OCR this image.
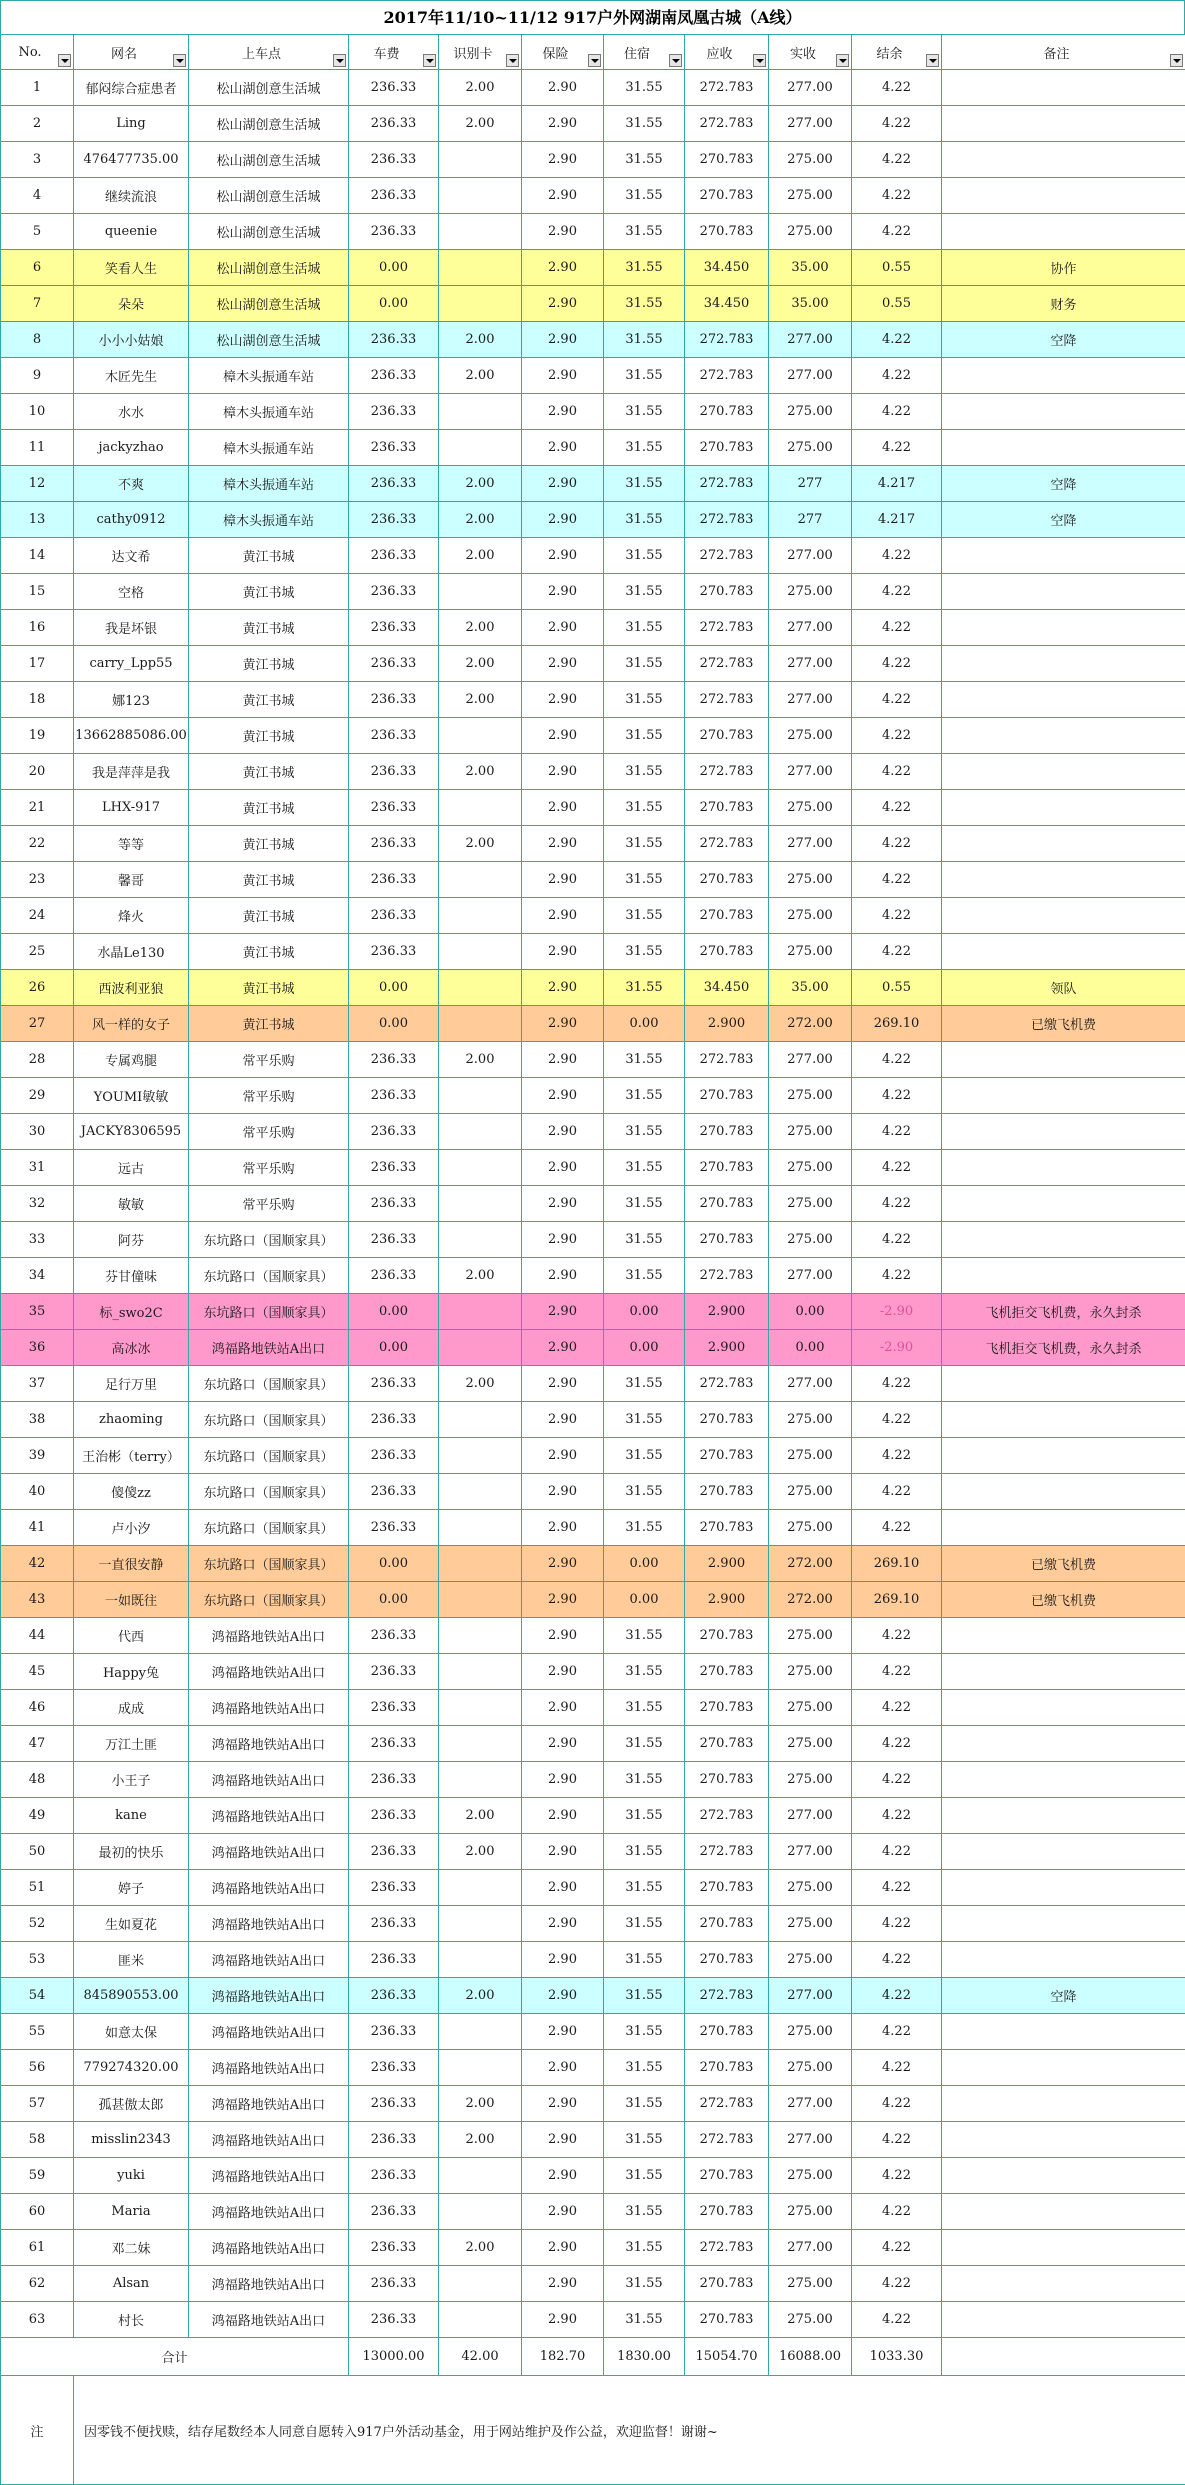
2017年11/10~11/12 917户外网湖南凤凰古城（A线）
No.	网名	上车点	车费	识别卡	保险	住宿	应收	实收	结余	备注

1	郁闷综合症患者	松山湖创意生活城	236.33	2.00	2.90	31.55	272.783	277.00	4.22	
2	Ling	松山湖创意生活城	236.33	2.00	2.90	31.55	272.783	277.00	4.22	
3	476477735.00	松山湖创意生活城	236.33		2.90	31.55	270.783	275.00	4.22	
4	继续流浪	松山湖创意生活城	236.33		2.90	31.55	270.783	275.00	4.22	
5	queenie	松山湖创意生活城	236.33		2.90	31.55	270.783	275.00	4.22	
6	笑看人生	松山湖创意生活城	0.00		2.90	31.55	34.450	35.00	0.55	协作
7	朵朵	松山湖创意生活城	0.00		2.90	31.55	34.450	35.00	0.55	财务
8	小小小姑娘	松山湖创意生活城	236.33	2.00	2.90	31.55	272.783	277.00	4.22	空降
9	木匠先生	樟木头振通车站	236.33	2.00	2.90	31.55	272.783	277.00	4.22	
10	水水	樟木头振通车站	236.33		2.90	31.55	270.783	275.00	4.22	
11	jackyzhao	樟木头振通车站	236.33		2.90	31.55	270.783	275.00	4.22	
12	不爽	樟木头振通车站	236.33	2.00	2.90	31.55	272.783	277	4.217	空降
13	cathy0912	樟木头振通车站	236.33	2.00	2.90	31.55	272.783	277	4.217	空降
14	达文希	黄江书城	236.33	2.00	2.90	31.55	272.783	277.00	4.22	
15	空格	黄江书城	236.33		2.90	31.55	270.783	275.00	4.22	
16	我是坏银	黄江书城	236.33	2.00	2.90	31.55	272.783	277.00	4.22	
17	carry_Lpp55	黄江书城	236.33	2.00	2.90	31.55	272.783	277.00	4.22	
18	娜123	黄江书城	236.33	2.00	2.90	31.55	272.783	277.00	4.22	
19	13662885086.00	黄江书城	236.33		2.90	31.55	270.783	275.00	4.22	
20	我是萍萍是我	黄江书城	236.33	2.00	2.90	31.55	272.783	277.00	4.22	
21	LHX-917	黄江书城	236.33		2.90	31.55	270.783	275.00	4.22	
22	等等	黄江书城	236.33	2.00	2.90	31.55	272.783	277.00	4.22	
23	馨哥	黄江书城	236.33		2.90	31.55	270.783	275.00	4.22	
24	烽火	黄江书城	236.33		2.90	31.55	270.783	275.00	4.22	
25	水晶Le130	黄江书城	236.33		2.90	31.55	270.783	275.00	4.22	
26	西波利亚狼	黄江书城	0.00		2.90	31.55	34.450	35.00	0.55	领队
27	风一样的女子	黄江书城	0.00		2.90	0.00	2.900	272.00	269.10	已缴飞机费
28	专属鸡腿	常平乐购	236.33	2.00	2.90	31.55	272.783	277.00	4.22	
29	YOUMI敏敏	常平乐购	236.33		2.90	31.55	270.783	275.00	4.22	
30	JACKY8306595	常平乐购	236.33		2.90	31.55	270.783	275.00	4.22	
31	远古	常平乐购	236.33		2.90	31.55	270.783	275.00	4.22	
32	敏敏	常平乐购	236.33		2.90	31.55	270.783	275.00	4.22	
33	阿芬	东坑路口（国顺家具）	236.33		2.90	31.55	270.783	275.00	4.22	
34	芬甘僮味	东坑路口（国顺家具）	236.33	2.00	2.90	31.55	272.783	277.00	4.22	
35	标_swo2C	东坑路口（国顺家具）	0.00		2.90	0.00	2.900	0.00	-2.90	飞机拒交飞机费，永久封杀
36	高冰冰	鸿福路地铁站A出口	0.00		2.90	0.00	2.900	0.00	-2.90	飞机拒交飞机费，永久封杀
37	足行万里	东坑路口（国顺家具）	236.33	2.00	2.90	31.55	272.783	277.00	4.22	
38	zhaoming	东坑路口（国顺家具）	236.33		2.90	31.55	270.783	275.00	4.22	
39	王治彬（terry）	东坑路口（国顺家具）	236.33		2.90	31.55	270.783	275.00	4.22	
40	傻傻zz	东坑路口（国顺家具）	236.33		2.90	31.55	270.783	275.00	4.22	
41	卢小汐	东坑路口（国顺家具）	236.33		2.90	31.55	270.783	275.00	4.22	
42	一直很安静	东坑路口（国顺家具）	0.00		2.90	0.00	2.900	272.00	269.10	已缴飞机费
43	一如既往	东坑路口（国顺家具）	0.00		2.90	0.00	2.900	272.00	269.10	已缴飞机费
44	代西	鸿福路地铁站A出口	236.33		2.90	31.55	270.783	275.00	4.22	
45	Happy兔	鸿福路地铁站A出口	236.33		2.90	31.55	270.783	275.00	4.22	
46	成成	鸿福路地铁站A出口	236.33		2.90	31.55	270.783	275.00	4.22	
47	万江土匪	鸿福路地铁站A出口	236.33		2.90	31.55	270.783	275.00	4.22	
48	小王子	鸿福路地铁站A出口	236.33		2.90	31.55	270.783	275.00	4.22	
49	kane	鸿福路地铁站A出口	236.33	2.00	2.90	31.55	272.783	277.00	4.22	
50	最初的快乐	鸿福路地铁站A出口	236.33	2.00	2.90	31.55	272.783	277.00	4.22	
51	婷子	鸿福路地铁站A出口	236.33		2.90	31.55	270.783	275.00	4.22	
52	生如夏花	鸿福路地铁站A出口	236.33		2.90	31.55	270.783	275.00	4.22	
53	匪米	鸿福路地铁站A出口	236.33		2.90	31.55	270.783	275.00	4.22	
54	845890553.00	鸿福路地铁站A出口	236.33	2.00	2.90	31.55	272.783	277.00	4.22	空降
55	如意太保	鸿福路地铁站A出口	236.33		2.90	31.55	270.783	275.00	4.22	
56	779274320.00	鸿福路地铁站A出口	236.33		2.90	31.55	270.783	275.00	4.22	
57	孤甚傲太郎	鸿福路地铁站A出口	236.33	2.00	2.90	31.55	272.783	277.00	4.22	
58	misslin2343	鸿福路地铁站A出口	236.33	2.00	2.90	31.55	272.783	277.00	4.22	
59	yuki	鸿福路地铁站A出口	236.33		2.90	31.55	270.783	275.00	4.22	
60	Maria	鸿福路地铁站A出口	236.33		2.90	31.55	270.783	275.00	4.22	
61	邓二妹	鸿福路地铁站A出口	236.33	2.00	2.90	31.55	272.783	277.00	4.22	
62	Alsan	鸿福路地铁站A出口	236.33		2.90	31.55	270.783	275.00	4.22	
63	村长	鸿福路地铁站A出口	236.33		2.90	31.55	270.783	275.00	4.22	
合计			13000.00	42.00	182.70	1830.00	15054.70	16088.00	1033.30	
注	因零钱不便找赎，结存尾数经本人同意自愿转入917户外活动基金，用于网站维护及作公益，欢迎监督！谢谢~									
